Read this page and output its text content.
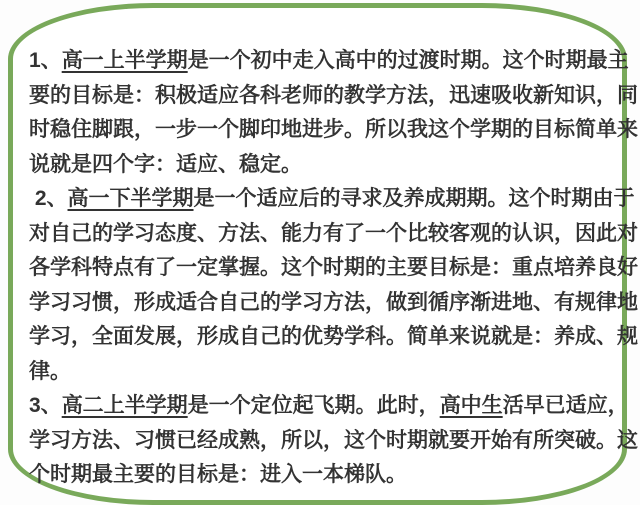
1、高一上半学期是一个初中走入高中的过渡时期。这个时期最主
要的目标是：积极适应各科老师的教学方法，迅速吸收新知识，同
时稳住脚跟，一步一个脚印地进步。所以我这个学期的目标简单来
说就是四个字：适应、稳定。
2、高一下半学期是一个适应后的寻求及养成期期。这个时期由于
对自己的学习态度、方法、能力有了一个比较客观的认识，因此对
各学科特点有了一定掌握。这个时期的主要目标是：重点培养良好
学习习惯，形成适合自己的学习方法，做到循序渐进地、有规律地
学习，全面发展，形成自己的优势学科。简单来说就是：养成、规
律。
3、高二上半学期是一个定位起飞期。此时，高中生活早已适应，
学习方法、习惯已经成熟，所以，这个时期就要开始有所突破。这
个时期最主要的目标是：进入一本梯队。
